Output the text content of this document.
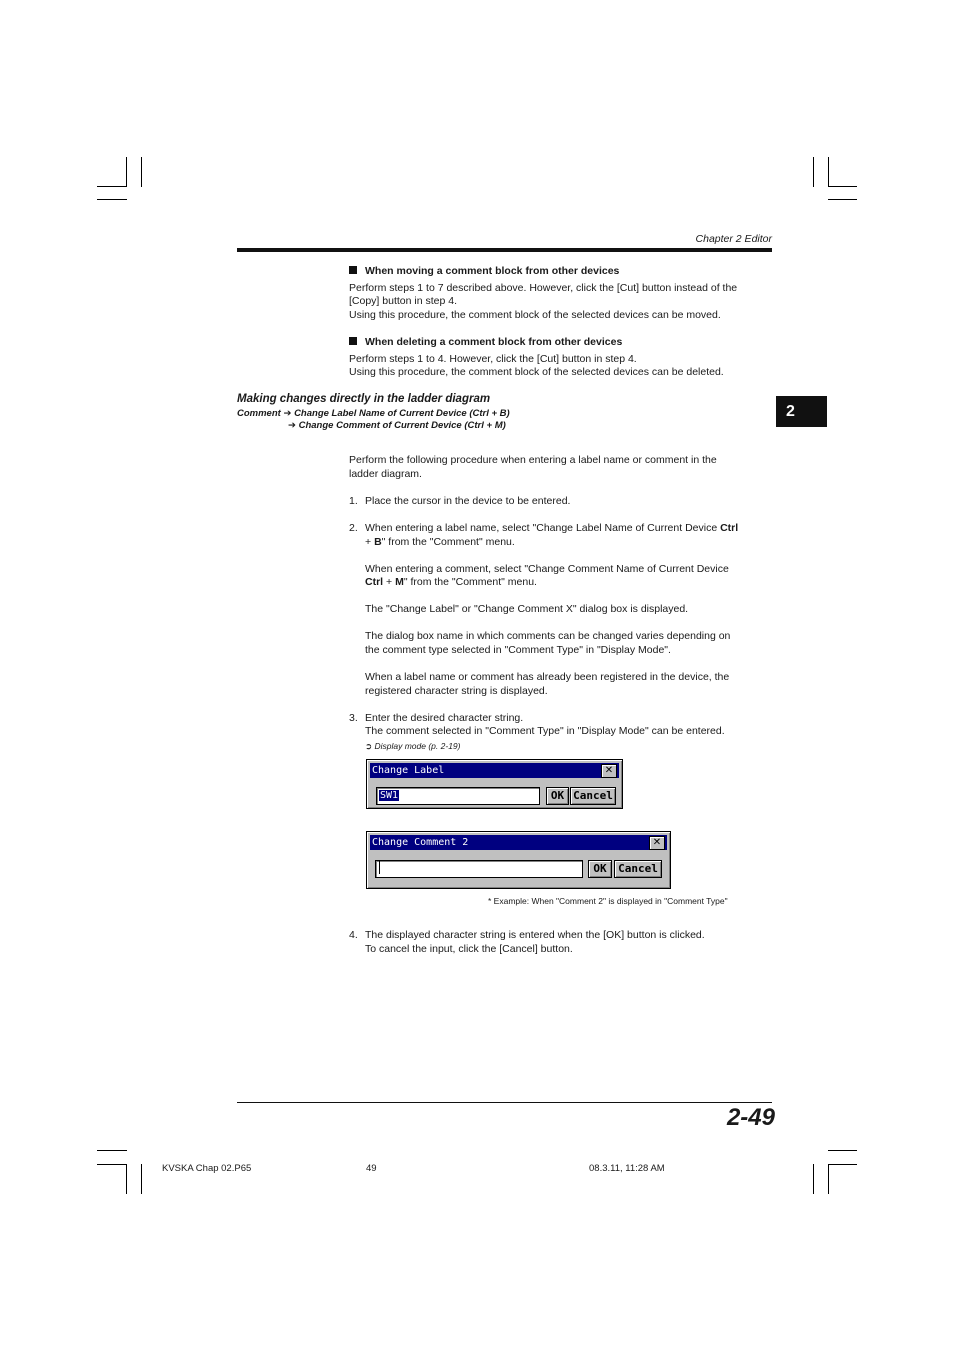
Chapter 2 Editor
2
When moving a comment block from other devices
Perform steps 1 to 7 described above. However, click the [Cut] button instead of the
[Copy] button in step 4.
Using this procedure, the comment block of the selected devices can be moved.
When deleting a comment block from other devices
Perform steps 1 to 4. However, click the [Cut] button in step 4.
Using this procedure, the comment block of the selected devices can be deleted.
Making changes directly in the ladder diagram
Comment ➔ Change Label Name of Current Device (Ctrl + B)
➔ Change Comment of Current Device (Ctrl + M)
Perform the following procedure when entering a label name or comment in the
ladder diagram.
1. Place the cursor in the device to be entered.
2. When entering a label name, select "Change Label Name of Current Device Ctrl
+ B" from the "Comment" menu.
When entering a comment, select "Change Comment Name of Current Device
Ctrl + M" from the "Comment" menu.
The "Change Label" or "Change Comment X" dialog box is displayed.
The dialog box name in which comments can be changed varies depending on
the comment type selected in "Comment Type" in "Display Mode".
When a label name or comment has already been registered in the device, the
registered character string is displayed.
3. Enter the desired character string.
The comment selected in "Comment Type" in "Display Mode" can be entered.
➲ Display mode (p. 2-19)
Change Label	✕
SW1	OK Cancel
Change Comment 2	✕
OK	Cancel
* Example: When "Comment 2" is displayed in "Comment Type"
4. The displayed character string is entered when the [OK] button is clicked.
To cancel the input, click the [Cancel] button.
2-49
KVSKA Chap 02.P65	49	08.3.11, 11:28 AM
